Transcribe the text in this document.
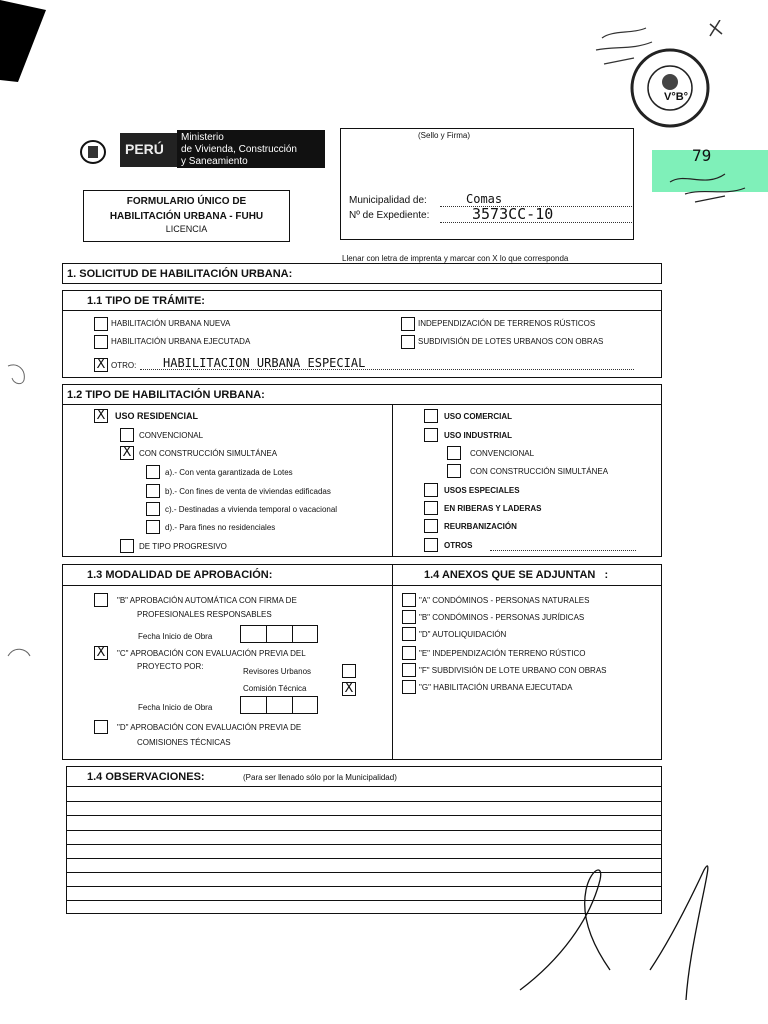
V°B°
79
PERÚ
Ministerio
de Vivienda, Construcción
y Saneamiento
FORMULARIO ÚNICO DE
HABILITACIÓN URBANA - FUHU
LICENCIA
(Sello y Firma)
Municipalidad de:	Comas
Nº de Expediente:	3573CC-10
Llenar con letra de imprenta y marcar con X lo que corresponda
1. SOLICITUD DE HABILITACIÓN URBANA:
1.1 TIPO DE TRÁMITE:
HABILITACIÓN URBANA NUEVA
HABILITACIÓN URBANA EJECUTADA
X OTRO: HABILITACION URBANA ESPECIAL
INDEPENDIZACIÓN DE TERRENOS RÚSTICOS
SUBDIVISIÓN DE LOTES URBANOS CON OBRAS
1.2 TIPO DE HABILITACIÓN URBANA:
X USO RESIDENCIAL
CONVENCIONAL
X CON CONSTRUCCIÓN SIMULTÁNEA
a).- Con venta garantizada de Lotes
b).- Con fines de venta de viviendas edificadas
c).- Destinadas a vivienda temporal o vacacional
d).- Para fines no residenciales
DE TIPO PROGRESIVO
USO COMERCIAL
USO INDUSTRIAL
CONVENCIONAL
CON CONSTRUCCIÓN SIMULTÁNEA
USOS ESPECIALES
EN RIBERAS Y LADERAS
REURBANIZACIÓN
OTROS
1.3 MODALIDAD DE APROBACIÓN:	1.4 ANEXOS QUE SE ADJUNTAN   :
"B" APROBACIÓN AUTOMÁTICA CON FIRMA DE
PROFESIONALES RESPONSABLES
Fecha Inicio de Obra
X	"C" APROBACIÓN CON EVALUACIÓN PREVIA DEL
PROYECTO POR:
Revisores Urbanos
Comisión Técnica	X
Fecha Inicio de Obra
"D" APROBACIÓN CON EVALUACIÓN PREVIA DE
COMISIONES TÉCNICAS
"A" CONDÓMINOS - PERSONAS NATURALES
"B" CONDÓMINOS - PERSONAS JURÍDICAS
"D" AUTOLIQUIDACIÓN
"E" INDEPENDIZACIÓN TERRENO RÚSTICO
"F" SUBDIVISIÓN DE LOTE URBANO CON OBRAS
"G" HABILITACIÓN URBANA EJECUTADA
1.4 OBSERVACIONES:	(Para ser llenado sólo por la Municipalidad)
